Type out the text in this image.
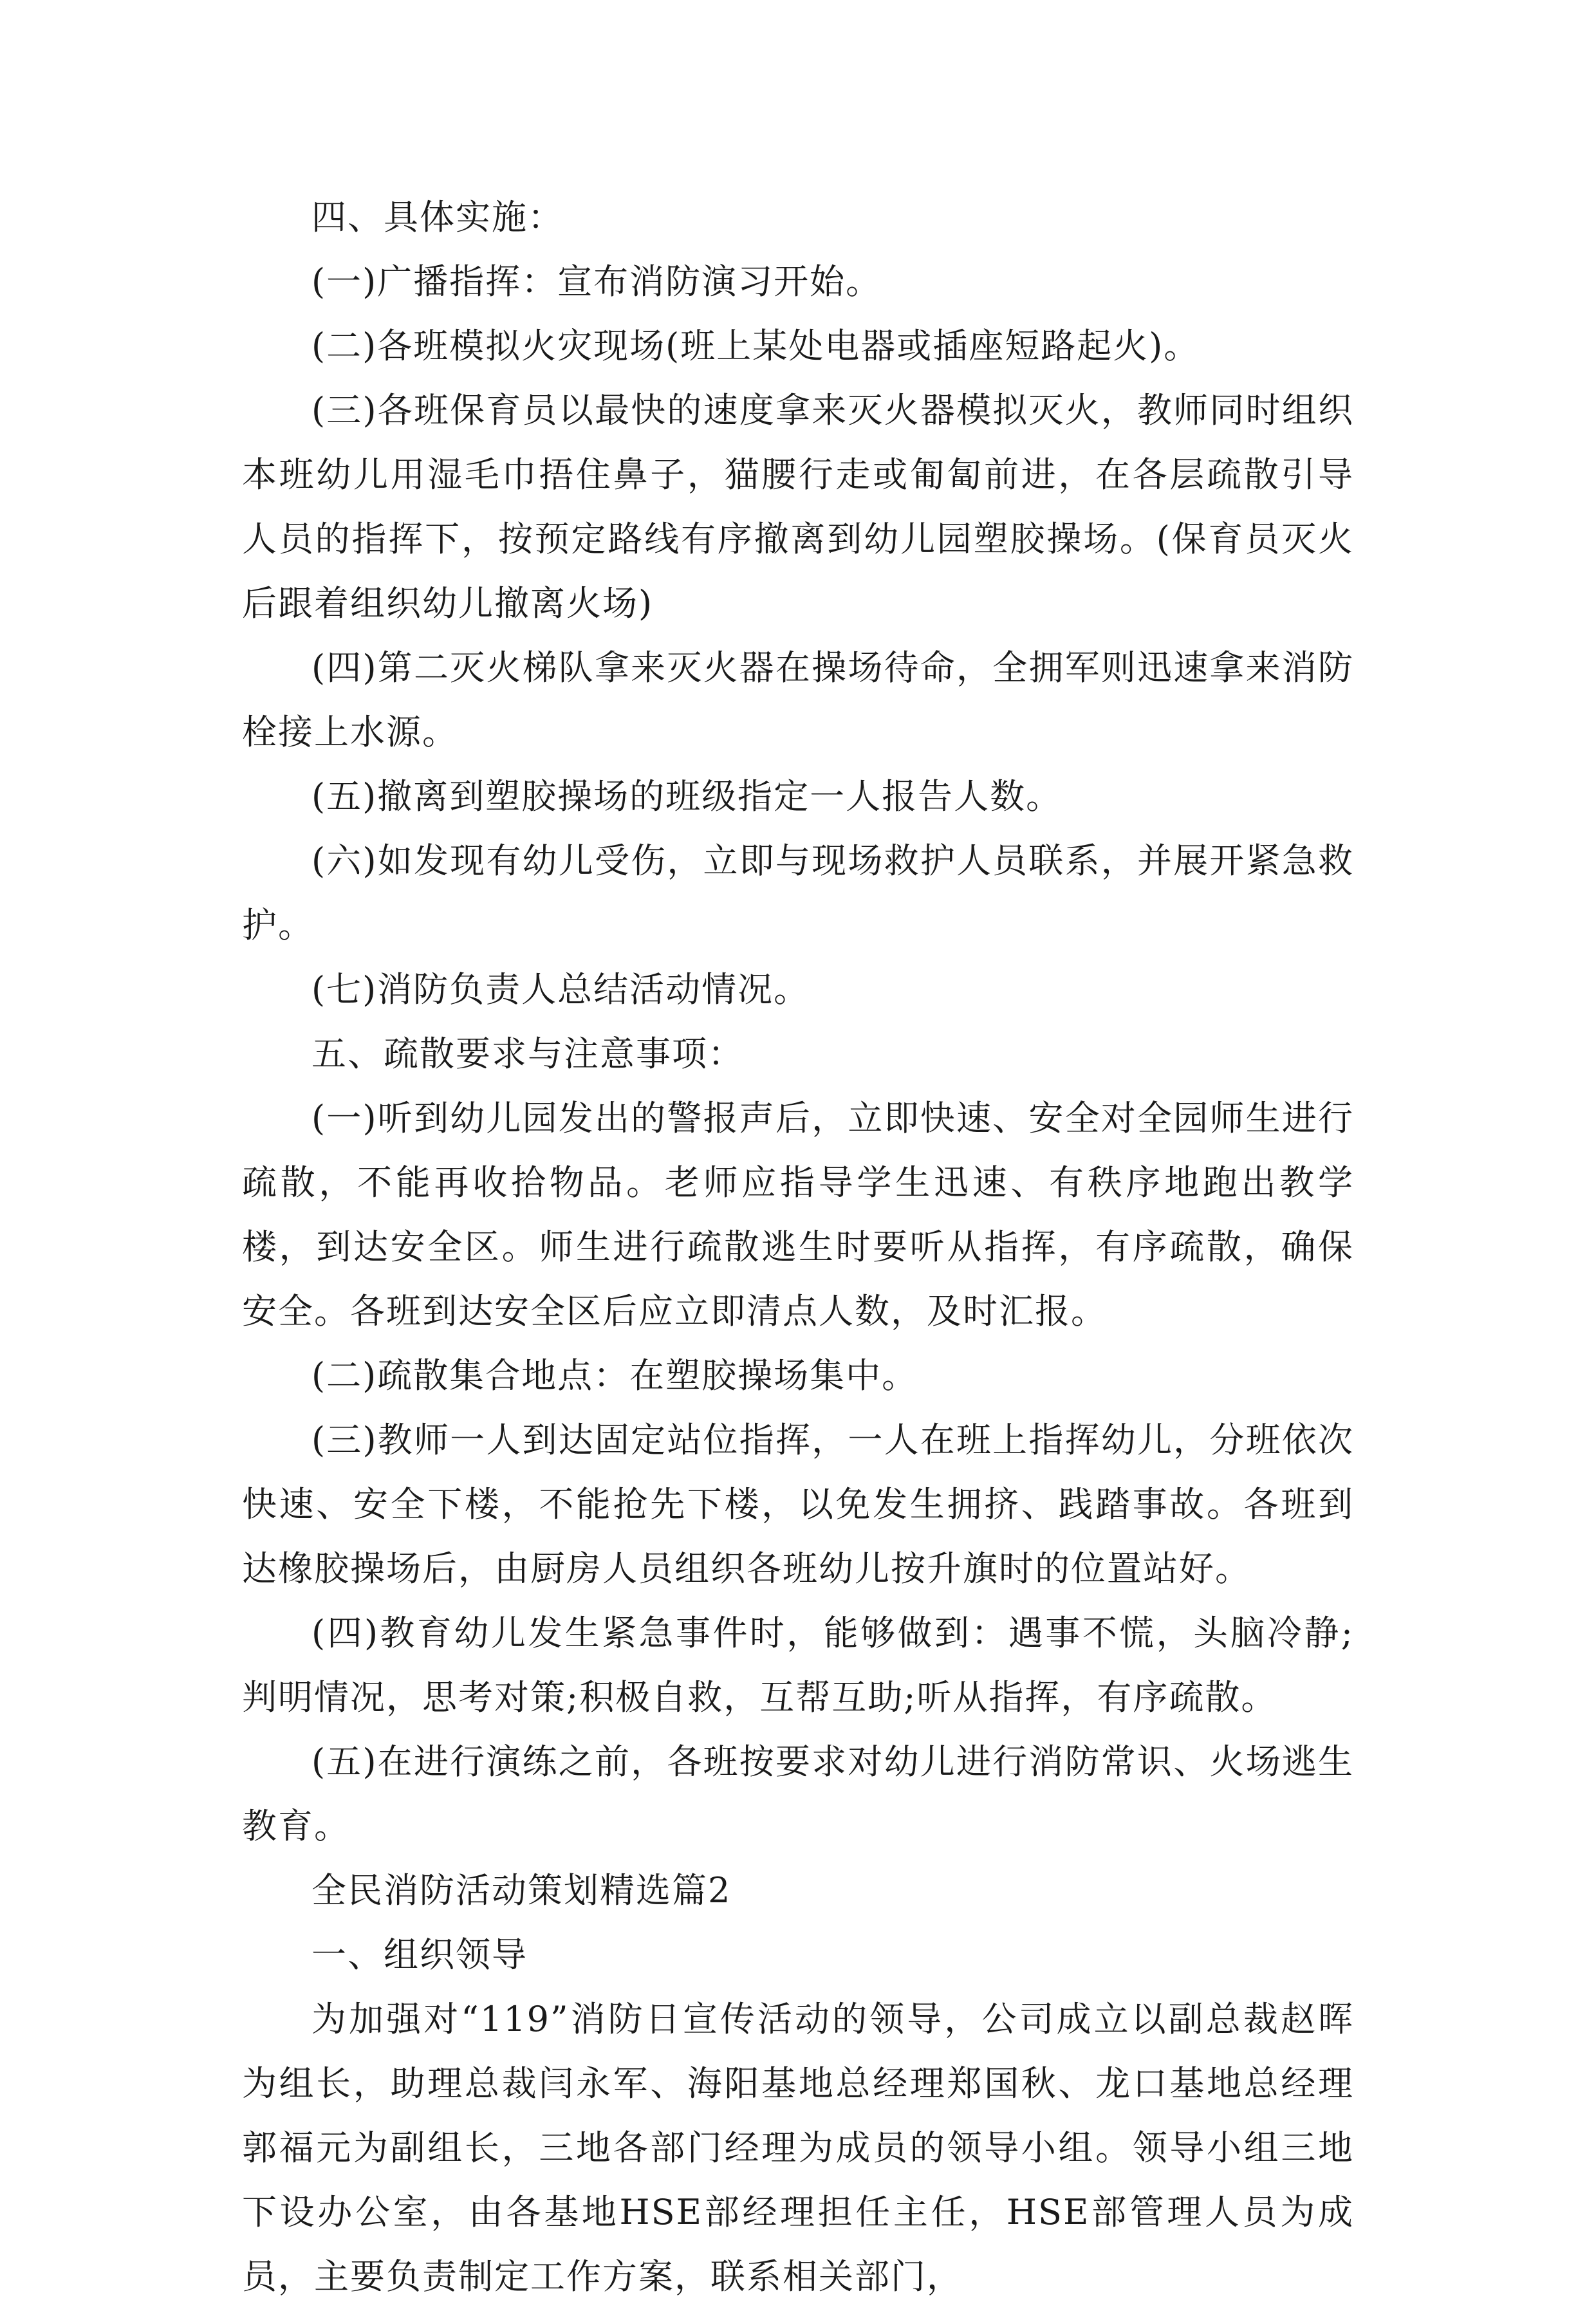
四、具体实施：

(一)广播指挥：宣布消防演习开始。

(二)各班模拟火灾现场(班上某处电器或插座短路起火)。

(三)各班保育员以最快的速度拿来灭火器模拟灭火，教师同时组织本班幼儿用湿毛巾捂住鼻子，猫腰行走或匍匐前进，在各层疏散引导人员的指挥下，按预定路线有序撤离到幼儿园塑胶操场。(保育员灭火后跟着组织幼儿撤离火场)

(四)第二灭火梯队拿来灭火器在操场待命，全拥军则迅速拿来消防栓接上水源。

(五)撤离到塑胶操场的班级指定一人报告人数。

(六)如发现有幼儿受伤，立即与现场救护人员联系，并展开紧急救护。

(七)消防负责人总结活动情况。

五、疏散要求与注意事项：

(一)听到幼儿园发出的警报声后，立即快速、安全对全园师生进行疏散，不能再收拾物品。老师应指导学生迅速、有秩序地跑出教学楼，到达安全区。师生进行疏散逃生时要听从指挥，有序疏散，确保安全。各班到达安全区后应立即清点人数，及时汇报。

(二)疏散集合地点：在塑胶操场集中。

(三)教师一人到达固定站位指挥，一人在班上指挥幼儿，分班依次快速、安全下楼，不能抢先下楼，以免发生拥挤、践踏事故。各班到达橡胶操场后，由厨房人员组织各班幼儿按升旗时的位置站好。

(四)教育幼儿发生紧急事件时，能够做到：遇事不慌，头脑冷静;判明情况，思考对策;积极自救，互帮互助;听从指挥，有序疏散。

(五)在进行演练之前，各班按要求对幼儿进行消防常识、火场逃生教育。

全民消防活动策划精选篇2

一、组织领导

为加强对“119”消防日宣传活动的领导，公司成立以副总裁赵晖为组长，助理总裁闫永军、海阳基地总经理郑国秋、龙口基地总经理郭福元为副组长，三地各部门经理为成员的领导小组。领导小组三地下设办公室，由各基地HSE部经理担任主任，HSE部管理人员为成员，主要负责制定工作方案，联系相关部门，
